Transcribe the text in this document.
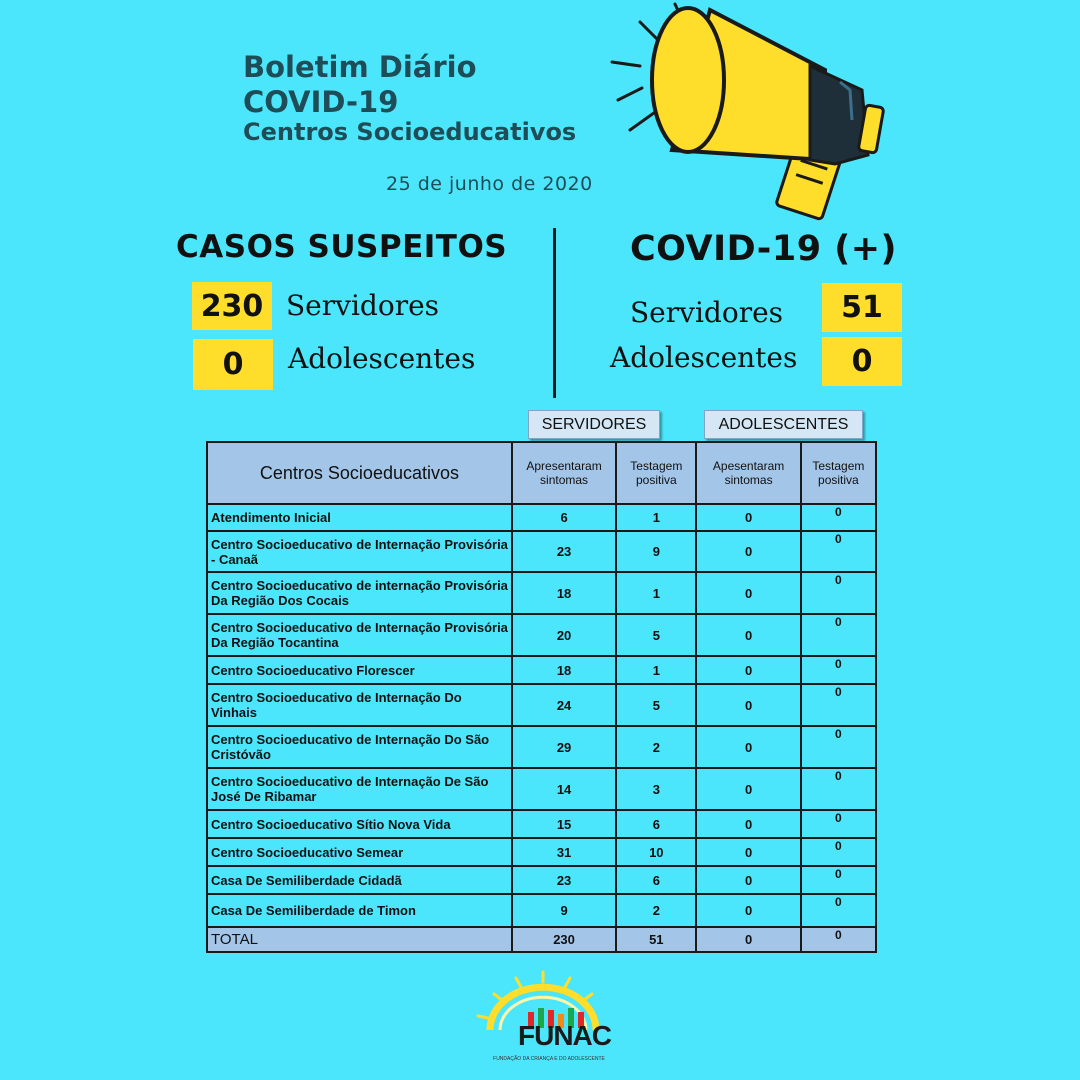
Boletim Diário
COVID-19
Centros Socioeducativos
25 de junho de 2020
CASOS SUSPEITOS
230 Servidores
0	Adolescentes
COVID-19 (+)
Servidores	51
Adolescentes	0
SERVIDORES	ADOLESCENTES
Centros Socioeducativos	Apresentaram sintomas	Testagem positiva	Apesentaram sintomas	Testagem positiva
Atendimento Inicial	6	1	0	0
Centro Socioeducativo de Internação Provisória - Canaã	23	9	0	0
Centro Socioeducativo de internação Provisória Da Região Dos Cocais	18	1	0	0
Centro Socioeducativo de Internação Provisória Da Região Tocantina	20	5	0	0
Centro Socioeducativo Florescer	18	1	0	0
Centro Socioeducativo de Internação Do Vinhais	24	5	0	0
Centro Socioeducativo de Internação Do São Cristóvão	29	2	0	0
Centro Socioeducativo de Internação De São José De Ribamar	14	3	0	0
Centro Socioeducativo Sítio Nova Vida	15	6	0	0
Centro Socioeducativo Semear	31	10	0	0
Casa De Semiliberdade Cidadã	23	6	0	0
Casa De Semiliberdade de Timon	9	2	0	0
TOTAL	230	51	0	0
FUNAC
FUNDAÇÃO DA CRIANÇA E DO ADOLESCENTE
